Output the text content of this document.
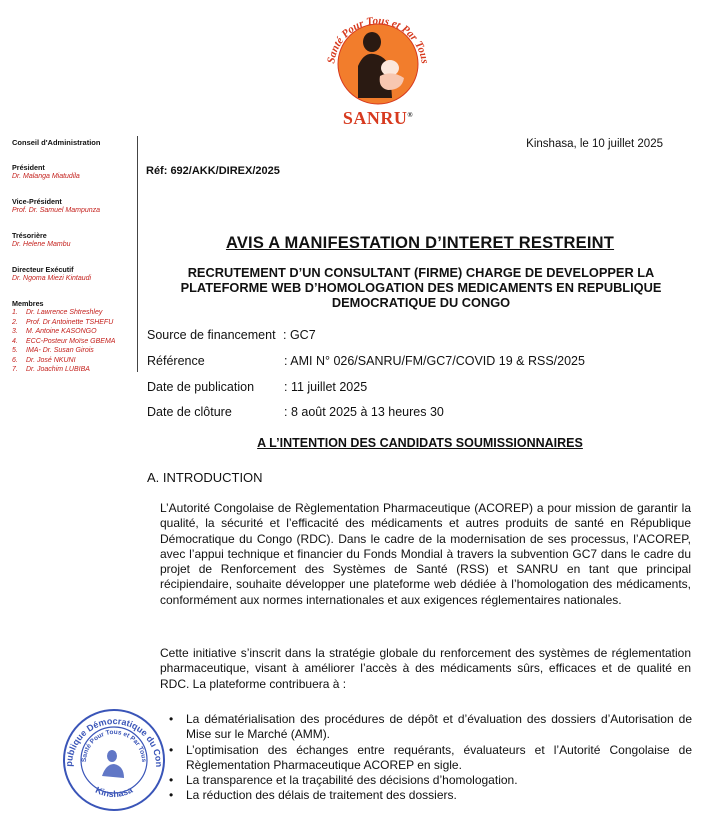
Santé Pour Tous et Par Tous
SANRU®
Conseil d'Administration
Président
Dr. Malanga Miatudila
Vice-Président
Prof. Dr. Samuel Mampunza
Trésorière
Dr. Helene Mambu
Directeur Exécutif
Dr. Ngoma Miezi Kintaudi
Membres
1.	Dr. Lawrence Shtreshley
2.	Prof. Dr Antoinette TSHEFU
3.	M. Antoine KASONGO
4.	ECC-Posteur Moïse GBEMA
5.	IMA- Dr. Susan Girois
6.	Dr. José NKUNI
7.	Dr. Joachim LUBIBA
Kinshasa, le 10 juillet 2025
Réf: 692/AKK/DIREX/2025
AVIS A MANIFESTATION D’INTERET RESTREINT
RECRUTEMENT D’UN CONSULTANT (FIRME) CHARGE DE DEVELOPPER LA PLATEFORME WEB D’HOMOLOGATION DES MEDICAMENTS EN REPUBLIQUE DEMOCRATIQUE DU CONGO
Source de financement : GC7
Référence	: AMI N° 026/SANRU/FM/GC7/COVID 19 & RSS/2025
Date de publication : 11 juillet 2025
Date de clôture	: 8 août 2025 à 13 heures 30
A L’INTENTION DES CANDIDATS SOUMISSIONNAIRES
A. INTRODUCTION

L’Autorité Congolaise de Règlementation Pharmaceutique (ACOREP) a pour mission de garantir la qualité, la sécurité et l’efficacité des médicaments et autres produits de santé en République Démocratique du Congo (RDC). Dans le cadre de la modernisation de ses processus, l’ACOREP, avec l’appui technique et financier du Fonds Mondial à travers la subvention GC7 dans le cadre du projet de Renforcement des Systèmes de Santé (RSS) et SANRU en tant que principal récipiendaire, souhaite développer une plateforme web dédiée à l’homologation des médicaments, conformément aux normes internationales et aux exigences réglementaires nationales.

Cette initiative s’inscrit dans la stratégie globale du renforcement des systèmes de réglementation pharmaceutique, visant à améliorer l’accès à des médicaments sûrs, efficaces et de qualité en RDC. La plateforme contribuera à :

• La dématérialisation des procédures de dépôt et d’évaluation des dossiers d’Autorisation de Mise sur le Marché (AMM).
• L’optimisation des échanges entre requérants, évaluateurs et l’Autorité Congolaise de Règlementation Pharmaceutique ACOREP en sigle.
• La transparence et la traçabilité des décisions d’homologation.
• La réduction des délais de traitement des dossiers.
publique Démocratique du Con
Santé Pour Tous et Par Tous
Kinshasa
